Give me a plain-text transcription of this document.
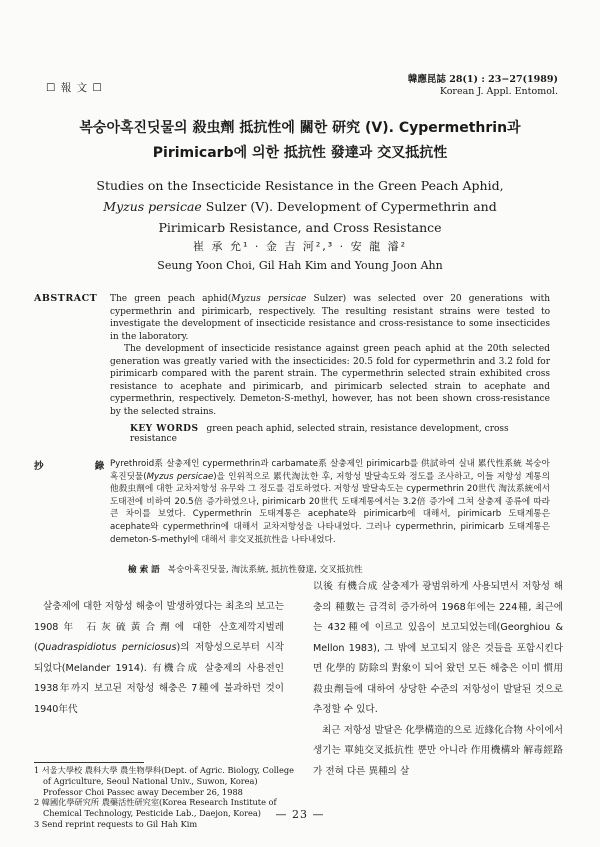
☐ 報 文 ☐
韓應昆誌 28(1) : 23−27(1989)
Korean J. Appl. Entomol.
복숭아혹진딧물의 殺虫劑 抵抗性에 關한 研究 (V). Cypermethrin과
Pirimicarb에 의한 抵抗性 發達과 交叉抵抗性
Studies on the Insecticide Resistance in the Green Peach Aphid,
Myzus persicae Sulzer (V). Development of Cypermethrin and
Pirimicarb Resistance, and Cross Resistance
崔 承 允¹ · 金 吉 河²,³ · 安 龍 濬²
Seung Yoon Choi, Gil Hah Kim and Young Joon Ahn
ABSTRACT The green peach aphid(Myzus persicae Sulzer) was selected over 20 generations with cypermethrin and pirimicarb, respectively. The resulting resistant strains were tested to investigate the development of insecticide resistance and cross-resistance to some insecticides in the laboratory.

The development of insecticide resistance against green peach aphid at the 20th selected generation was greatly varied with the insecticides: 20.5 fold for cypermethrin and 3.2 fold for pirimicarb compared with the parent strain. The cypermethrin selected strain exhibited cross resistance to acephate and pirimicarb, and pirimicarb selected strain to acephate and cypermethrin, respectively. Demeton-S-methyl, however, has not been shown cross-resistance by the selected strains.

KEY WORDS green peach aphid, selected strain, resistance development, cross resistance
抄 錄
Pyrethroid系 살충제인 cypermethrin과 carbamate系 살충제인 pirimicarb를 供試하여 실내 累代性系統 복숭아혹진딧물(Myzus persicae)을 인위적으로 累代淘汰한 후, 저항성 발달속도와 정도를 조사하고, 이들 저항성 계통의 他殺虫劑에 대한 교차저항성 유무와 그 정도를 검토하였다. 저항성 발달속도는 cypermethrin 20世代 淘汰系統에서 도태전에 비하여 20.5倍 증가하였으나, pirimicarb 20世代 도태계통에서는 3.2倍 증가에 그쳐 살충제 종류에 따라 큰 차이를 보였다. Cypermethrin 도태계통은 acephate와 pirimicarb에 대해서, pirimicarb 도태계통은 acephate와 cypermethrin에 대해서 교차저항성을 나타내었다. 그러나 cypermethrin, pirimicarb 도태계통은 demeton-S-methyl에 대해서 非交叉抵抗性을 나타내었다.
檢 索 語 복숭아혹진딧물, 淘汰系統, 抵抗性發達, 交叉抵抗性

살충제에 대한 저항성 해충이 발생하였다는 최초의 보고는 1908年 石灰硫黃合劑에 대한 산호제깍지벌레(Quadraspidiotus perniciosus)의 저항성으로부터 시작되었다(Melander 1914). 有機合成 살충제의 사용전인 1938年까지 보고된 저항성 해충은 7種에 불과하던 것이 1940年代

以後 有機合成 살충제가 광범위하게 사용되면서 저항성 해충의 種數는 급격히 증가하여 1968年에는 224種, 최근에는 432種에 이르고 있음이 보고되었는데(Georghiou & Mellon 1983), 그 밖에 보고되지 않은 것들을 포함시킨다면 化學的 防除의 對象이 되어 왔던 모든 해충은 이미 慣用殺虫劑들에 대하여 상당한 수준의 저항성이 발달된 것으로 추정할 수 있다.

최근 저항성 발달은 化學構造的으로 近緣化合物 사이에서 생기는 單純交叉抵抗性 뿐만 아니라 作用機構와 解毒經路가 전혀 다른 異種의 살

1 서울大學校 農科大學 農生物學科(Dept. of Agric. Biology, College of Agriculture, Seoul National Univ., Suwon, Korea) Professor Choi Passec away December 26, 1988
2 韓國化學研究所 農藥活性研究室(Korea Research Institute of Chemical Technology, Pesticide Lab., Daejon, Korea)
3 Send reprint requests to Gil Hah Kim
— 23 —
